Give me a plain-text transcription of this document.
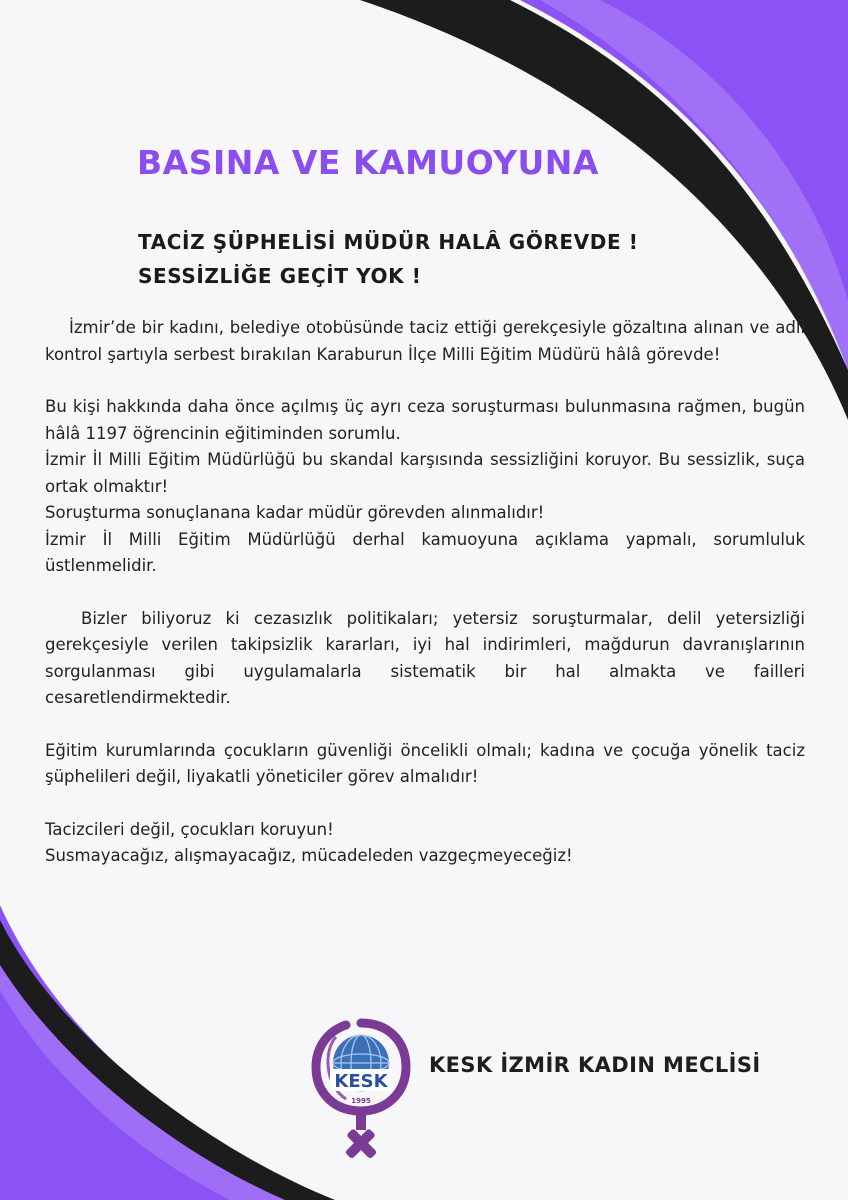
BASINA VE KAMUOYUNA
TACİZ ŞÜPHELİSİ MÜDÜR HALÂ GÖREVDE !
SESSİZLİĞE GEÇİT YOK !

İzmir’de bir kadını, belediye otobüsünde taciz ettiği gerekçesiyle gözaltına alınan ve adli kontrol şartıyla serbest bırakılan Karaburun İlçe Milli Eğitim Müdürü hâlâ görevde!

Bu kişi hakkında daha önce açılmış üç ayrı ceza soruşturması bulunmasına rağmen, bugün hâlâ 1197 öğrencinin eğitiminden sorumlu.
İzmir İl Milli Eğitim Müdürlüğü bu skandal karşısında sessizliğini koruyor. Bu sessizlik, suça ortak olmaktır!
Soruşturma sonuçlanana kadar müdür görevden alınmalıdır!
İzmir İl Milli Eğitim Müdürlüğü derhal kamuoyuna açıklama yapmalı, sorumluluk üstlenmelidir.

Bizler biliyoruz ki cezasızlık politikaları; yetersiz soruşturmalar, delil yetersizliği gerekçesiyle verilen takipsizlik kararları, iyi hal indirimleri, mağdurun davranışlarının sorgulanması gibi uygulamalarla sistematik bir hal almakta ve failleri cesaretlendirmektedir.

Eğitim kurumlarında çocukların güvenliği öncelikli olmalı; kadına ve çocuğa yönelik taciz şüphelileri değil, liyakatli yöneticiler görev almalıdır!

Tacizcileri değil, çocukları koruyun!
Susmayacağız, alışmayacağız, mücadeleden vazgeçmeyeceğiz!

KESK
1995
KESK İZMİR KADIN MECLİSİ
